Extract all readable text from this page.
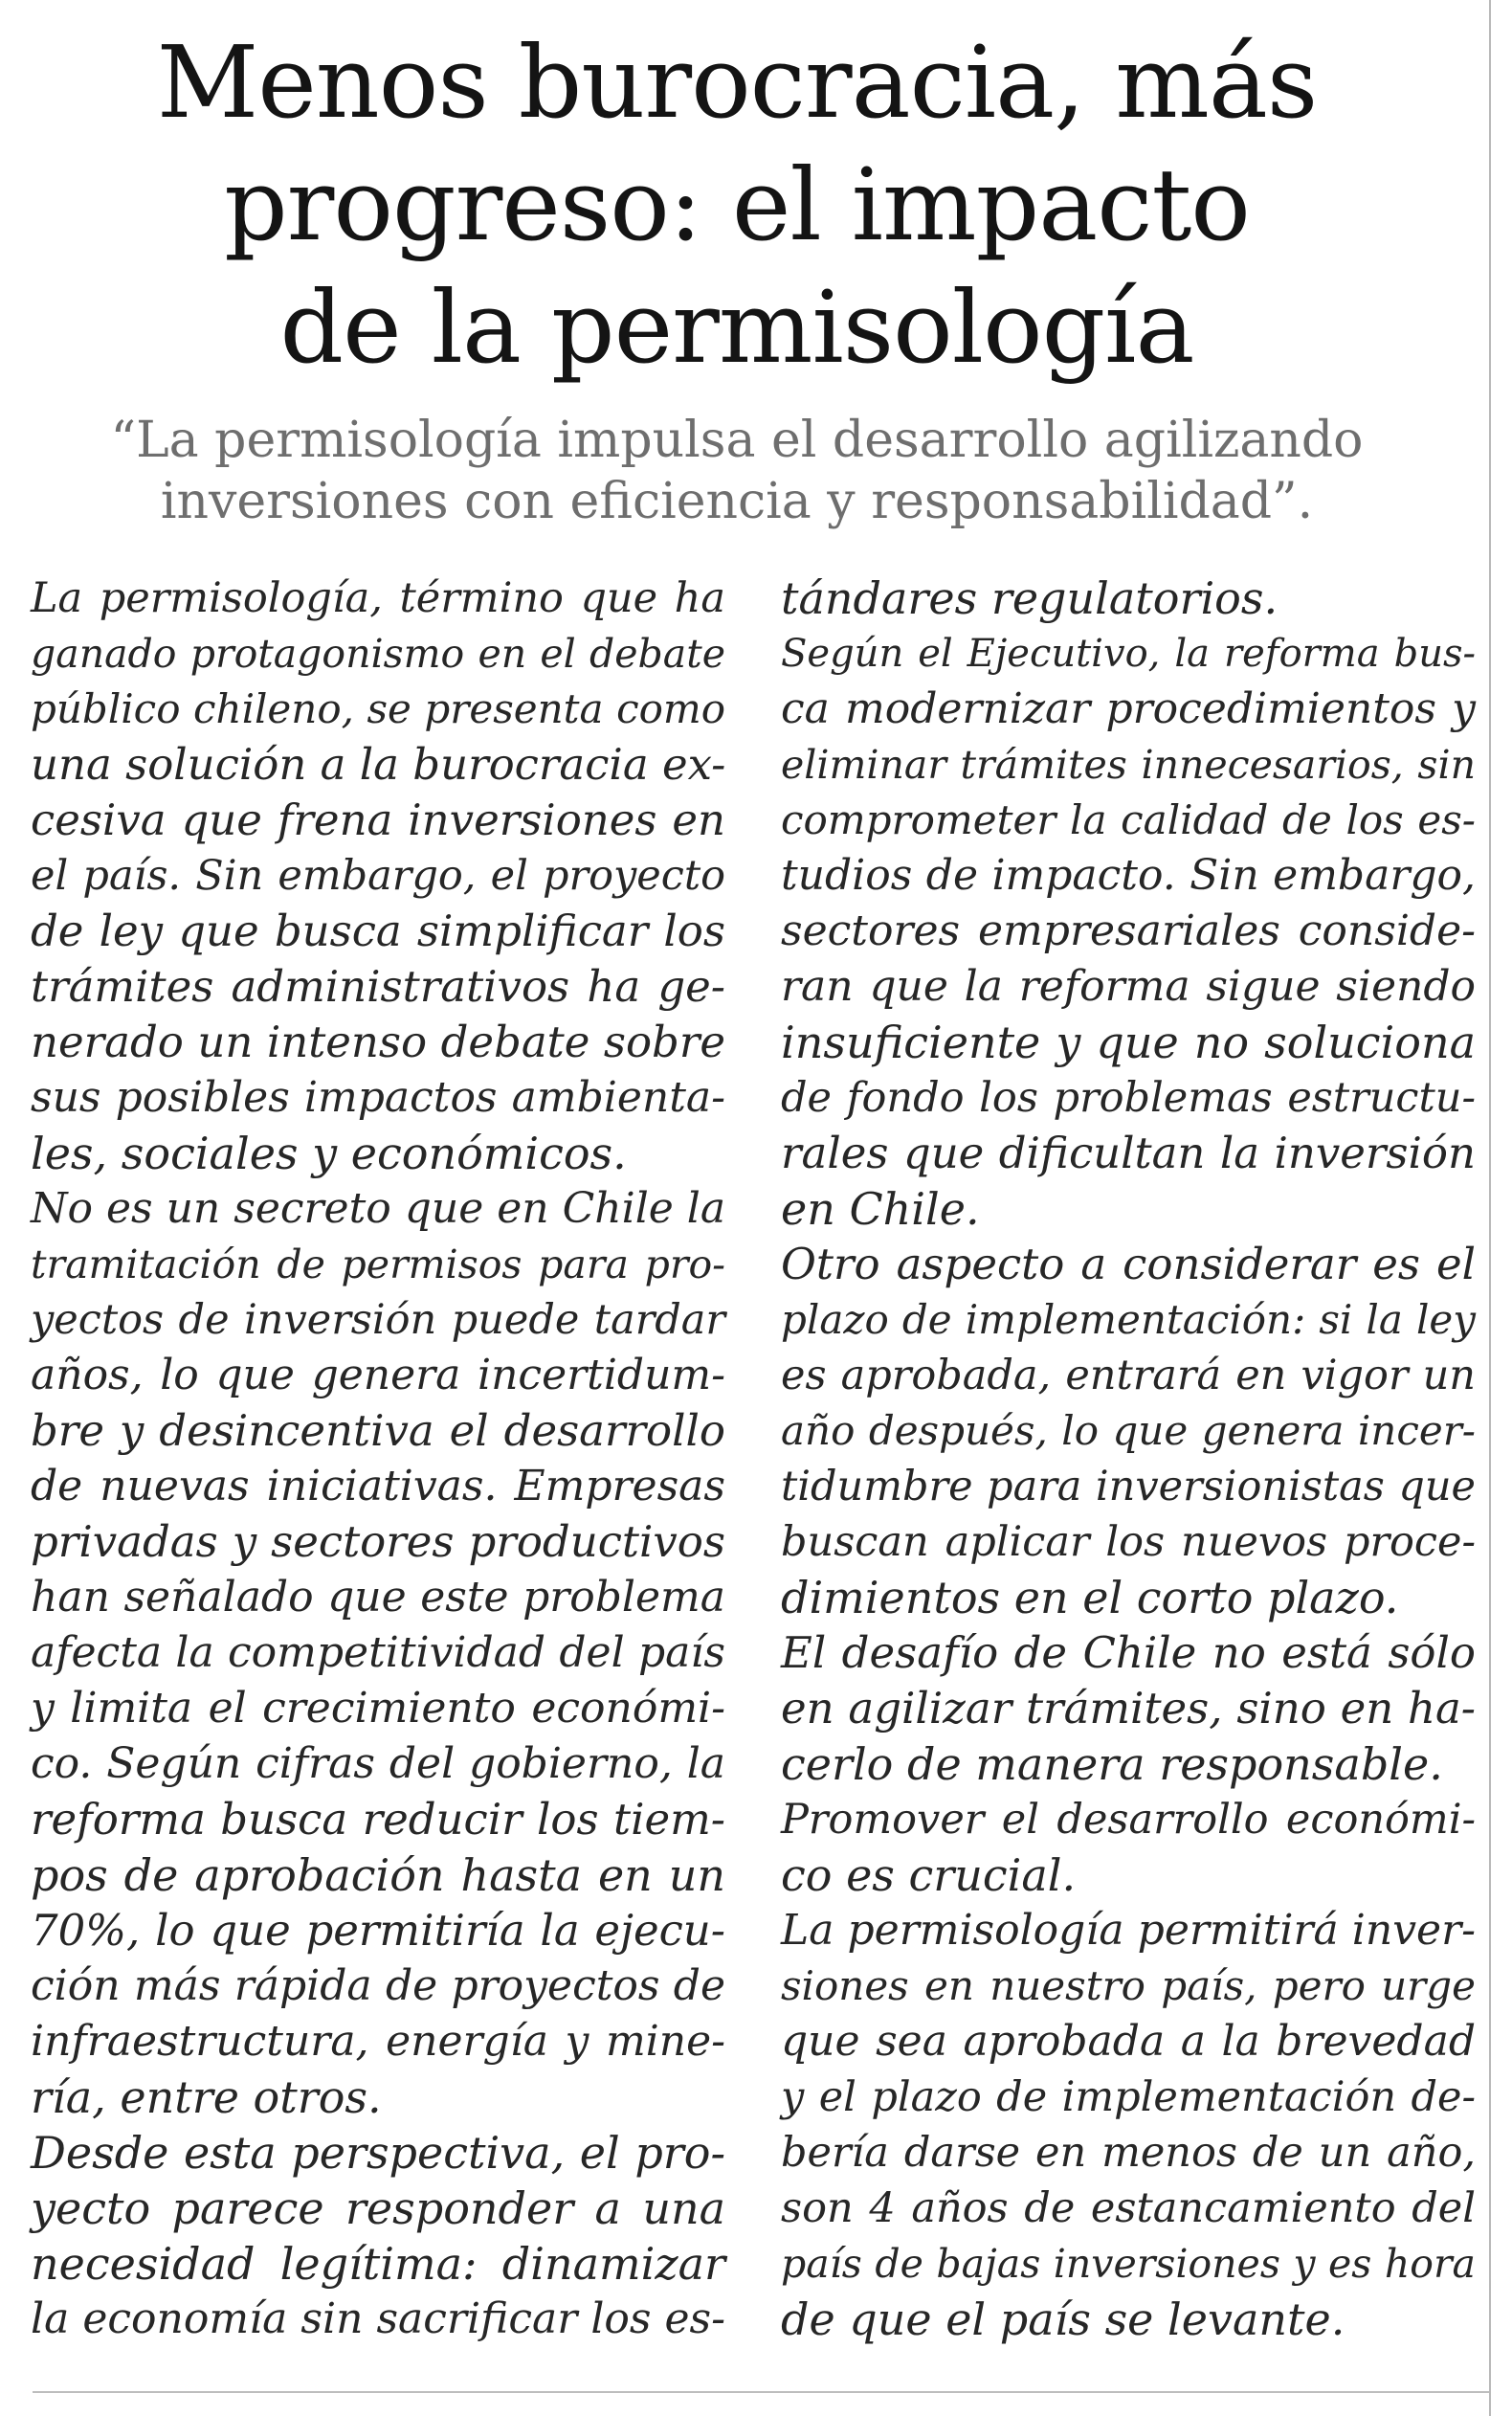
Menos burocracia, más
progreso: el impacto
de la permisología

“La permisología impulsa el desarrollo agilizando
inversiones con eficiencia y responsabilidad”.

La permisología, término que ha
ganado protagonismo en el debate
público chileno, se presenta como
una solución a la burocracia ex-
cesiva que frena inversiones en
el país. Sin embargo, el proyecto
de ley que busca simplificar los
trámites administrativos ha ge-
nerado un intenso debate sobre
sus posibles impactos ambienta-
les, sociales y económicos.
No es un secreto que en Chile la
tramitación de permisos para pro-
yectos de inversión puede tardar
años, lo que genera incertidum-
bre y desincentiva el desarrollo
de nuevas iniciativas. Empresas
privadas y sectores productivos
han señalado que este problema
afecta la competitividad del país
y limita el crecimiento económi-
co. Según cifras del gobierno, la
reforma busca reducir los tiem-
pos de aprobación hasta en un
70%, lo que permitiría la ejecu-
ción más rápida de proyectos de
infraestructura, energía y mine-
ría, entre otros.
Desde esta perspectiva, el pro-
yecto parece responder a una
necesidad legítima: dinamizar
la economía sin sacrificar los es-
tándares regulatorios.
Según el Ejecutivo, la reforma bus-
ca modernizar procedimientos y
eliminar trámites innecesarios, sin
comprometer la calidad de los es-
tudios de impacto. Sin embargo,
sectores empresariales conside-
ran que la reforma sigue siendo
insuficiente y que no soluciona
de fondo los problemas estructu-
rales que dificultan la inversión
en Chile.
Otro aspecto a considerar es el
plazo de implementación: si la ley
es aprobada, entrará en vigor un
año después, lo que genera incer-
tidumbre para inversionistas que
buscan aplicar los nuevos proce-
dimientos en el corto plazo.
El desafío de Chile no está sólo
en agilizar trámites, sino en ha-
cerlo de manera responsable.
Promover el desarrollo económi-
co es crucial.
La permisología permitirá inver-
siones en nuestro país, pero urge
que sea aprobada a la brevedad
y el plazo de implementación de-
bería darse en menos de un año,
son 4 años de estancamiento del
país de bajas inversiones y es hora
de que el país se levante.
